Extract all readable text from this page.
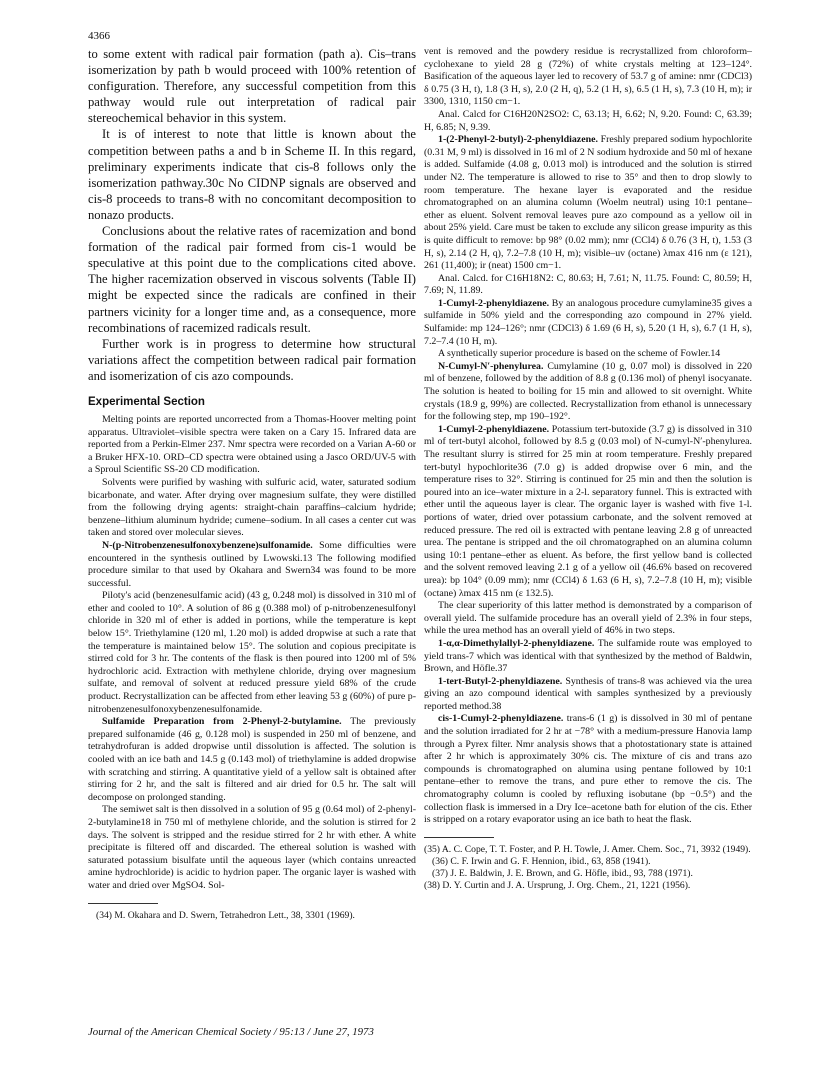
4366

to some extent with radical pair formation (path a). Cis–trans isomerization by path b would proceed with 100% retention of configuration. Therefore, any successful competition from this pathway would rule out interpretation of radical pair stereochemical behavior in this system.

It is of interest to note that little is known about the competition between paths a and b in Scheme II. In this regard, preliminary experiments indicate that cis-8 follows only the isomerization pathway.30c No CIDNP signals are observed and cis-8 proceeds to trans-8 with no concomitant decomposition to nonazo products.

Conclusions about the relative rates of racemization and bond formation of the radical pair formed from cis-1 would be speculative at this point due to the complications cited above. The higher racemization observed in viscous solvents (Table II) might be expected since the radicals are confined in their partners vicinity for a longer time and, as a consequence, more recombinations of racemized radicals result.

Further work is in progress to determine how structural variations affect the competition between radical pair formation and isomerization of cis azo compounds.

Experimental Section

Melting points are reported uncorrected from a Thomas-Hoover melting point apparatus. Ultraviolet–visible spectra were taken on a Cary 15. Infrared data are reported from a Perkin-Elmer 237. Nmr spectra were recorded on a Varian A-60 or a Bruker HFX-10. ORD–CD spectra were obtained using a Jasco ORD/UV-5 with a Sproul Scientific SS-20 CD modification.

Solvents were purified by washing with sulfuric acid, water, saturated sodium bicarbonate, and water. After drying over magnesium sulfate, they were distilled from the following drying agents: straight-chain paraffins–calcium hydride; benzene–lithium aluminum hydride; cumene–sodium. In all cases a center cut was taken and stored over molecular sieves.

N-(p-Nitrobenzenesulfonoxybenzene)sulfonamide. Some difficulties were encountered in the synthesis outlined by Lwowski.13 The following modified procedure similar to that used by Okahara and Swern34 was found to be more successful.

Piloty's acid (benzenesulfamic acid) (43 g, 0.248 mol) is dissolved in 310 ml of ether and cooled to 10°. A solution of 86 g (0.388 mol) of p-nitrobenzenesulfonyl chloride in 320 ml of ether is added in portions, while the temperature is kept below 15°. Triethylamine (120 ml, 1.20 mol) is added dropwise at such a rate that the temperature is maintained below 15°. The solution and copious precipitate is stirred cold for 3 hr. The contents of the flask is then poured into 1200 ml of 5% hydrochloric acid. Extraction with methylene chloride, drying over magnesium sulfate, and removal of solvent at reduced pressure yield 68% of the crude product. Recrystallization can be affected from ether leaving 53 g (60%) of pure p-nitrobenzenesulfonoxybenzenesulfonamide.

Sulfamide Preparation from 2-Phenyl-2-butylamine. The previously prepared sulfonamide (46 g, 0.128 mol) is suspended in 250 ml of benzene, and tetrahydrofuran is added dropwise until dissolution is affected. The solution is cooled with an ice bath and 14.5 g (0.143 mol) of triethylamine is added dropwise with scratching and stirring. A quantitative yield of a yellow salt is obtained after stirring for 2 hr, and the salt is filtered and air dried for 0.5 hr. The salt will decompose on prolonged standing.

The semiwet salt is then dissolved in a solution of 95 g (0.64 mol) of 2-phenyl-2-butylamine18 in 750 ml of methylene chloride, and the solution is stirred for 2 days. The solvent is stripped and the residue stirred for 2 hr with ether. A white precipitate is filtered off and discarded. The ethereal solution is washed with saturated potassium bisulfate until the aqueous layer (which contains unreacted amine hydrochloride) is acidic to hydrion paper. The organic layer is washed with water and dried over MgSO4. Sol-

(34) M. Okahara and D. Swern, Tetrahedron Lett., 38, 3301 (1969).

vent is removed and the powdery residue is recrystallized from chloroform–cyclohexane to yield 28 g (72%) of white crystals melting at 123–124°. Basification of the aqueous layer led to recovery of 53.7 g of amine: nmr (CDCl3) δ 0.75 (3 H, t), 1.8 (3 H, s), 2.0 (2 H, q), 5.2 (1 H, s), 6.5 (1 H, s), 7.3 (10 H, m); ir 3300, 1310, 1150 cm−1.

Anal. Calcd for C16H20N2SO2: C, 63.13; H, 6.62; N, 9.20. Found: C, 63.39; H, 6.85; N, 9.39.

1-(2-Phenyl-2-butyl)-2-phenyldiazene. Freshly prepared sodium hypochlorite (0.31 M, 9 ml) is dissolved in 16 ml of 2 N sodium hydroxide and 50 ml of hexane is added. Sulfamide (4.08 g, 0.013 mol) is introduced and the solution is stirred under N2. The temperature is allowed to rise to 35° and then to drop slowly to room temperature. The hexane layer is evaporated and the residue chromatographed on an alumina column (Woelm neutral) using 10:1 pentane–ether as eluent. Solvent removal leaves pure azo compound as a yellow oil in about 25% yield. Care must be taken to exclude any silicon grease impurity as this is quite difficult to remove: bp 98° (0.02 mm); nmr (CCl4) δ 0.76 (3 H, t), 1.53 (3 H, s), 2.14 (2 H, q), 7.2–7.8 (10 H, m); visible–uv (octane) λmax 416 nm (ε 121), 261 (11,400); ir (neat) 1500 cm−1.

Anal. Calcd. for C16H18N2: C, 80.63; H, 7.61; N, 11.75. Found: C, 80.59; H, 7.69; N, 11.89.

1-Cumyl-2-phenyldiazene. By an analogous procedure cumylamine35 gives a sulfamide in 50% yield and the corresponding azo compound in 27% yield. Sulfamide: mp 124–126°; nmr (CDCl3) δ 1.69 (6 H, s), 5.20 (1 H, s), 6.7 (1 H, s), 7.2–7.4 (10 H, m).

A synthetically superior procedure is based on the scheme of Fowler.14

N-Cumyl-N′-phenylurea. Cumylamine (10 g, 0.07 mol) is dissolved in 220 ml of benzene, followed by the addition of 8.8 g (0.136 mol) of phenyl isocyanate. The solution is heated to boiling for 15 min and allowed to sit overnight. White crystals (18.9 g, 99%) are collected. Recrystallization from ethanol is unnecessary for the following step, mp 190–192°.

1-Cumyl-2-phenyldiazene. Potassium tert-butoxide (3.7 g) is dissolved in 310 ml of tert-butyl alcohol, followed by 8.5 g (0.03 mol) of N-cumyl-N′-phenylurea. The resultant slurry is stirred for 25 min at room temperature. Freshly prepared tert-butyl hypochlorite36 (7.0 g) is added dropwise over 6 min, and the temperature rises to 32°. Stirring is continued for 25 min and then the solution is poured into an ice–water mixture in a 2-l. separatory funnel. This is extracted with ether until the aqueous layer is clear. The organic layer is washed with five 1-l. portions of water, dried over potassium carbonate, and the solvent removed at reduced pressure. The red oil is extracted with pentane leaving 2.8 g of unreacted urea. The pentane is stripped and the oil chromatographed on an alumina column using 10:1 pentane–ether as eluent. As before, the first yellow band is collected and the solvent removed leaving 2.1 g of a yellow oil (46.6% based on recovered urea): bp 104° (0.09 mm); nmr (CCl4) δ 1.63 (6 H, s), 7.2–7.8 (10 H, m); visible (octane) λmax 415 nm (ε 132.5).

The clear superiority of this latter method is demonstrated by a comparison of overall yield. The sulfamide procedure has an overall yield of 2.3% in four steps, while the urea method has an overall yield of 46% in two steps.

1-α,α-Dimethylallyl-2-phenyldiazene. The sulfamide route was employed to yield trans-7 which was identical with that synthesized by the method of Baldwin, Brown, and Höfle.37

1-tert-Butyl-2-phenyldiazene. Synthesis of trans-8 was achieved via the urea giving an azo compound identical with samples synthesized by a previously reported method.38

cis-1-Cumyl-2-phenyldiazene. trans-6 (1 g) is dissolved in 30 ml of pentane and the solution irradiated for 2 hr at −78° with a medium-pressure Hanovia lamp through a Pyrex filter. Nmr analysis shows that a photostationary state is attained after 2 hr which is approximately 30% cis. The mixture of cis and trans azo compounds is chromatographed on alumina using pentane followed by 10:1 pentane–ether to remove the trans, and pure ether to remove the cis. The chromatography column is cooled by refluxing isobutane (bp −0.5°) and the collection flask is immersed in a Dry Ice–acetone bath for elution of the cis. Ether is stripped on a rotary evaporator using an ice bath to heat the flask.

(35) A. C. Cope, T. T. Foster, and P. H. Towle, J. Amer. Chem. Soc., 71, 3932 (1949).

(36) C. F. Irwin and G. F. Hennion, ibid., 63, 858 (1941).

(37) J. E. Baldwin, J. E. Brown, and G. Höfle, ibid., 93, 788 (1971).

(38) D. Y. Curtin and J. A. Ursprung, J. Org. Chem., 21, 1221 (1956).

Journal of the American Chemical Society / 95:13 / June 27, 1973
